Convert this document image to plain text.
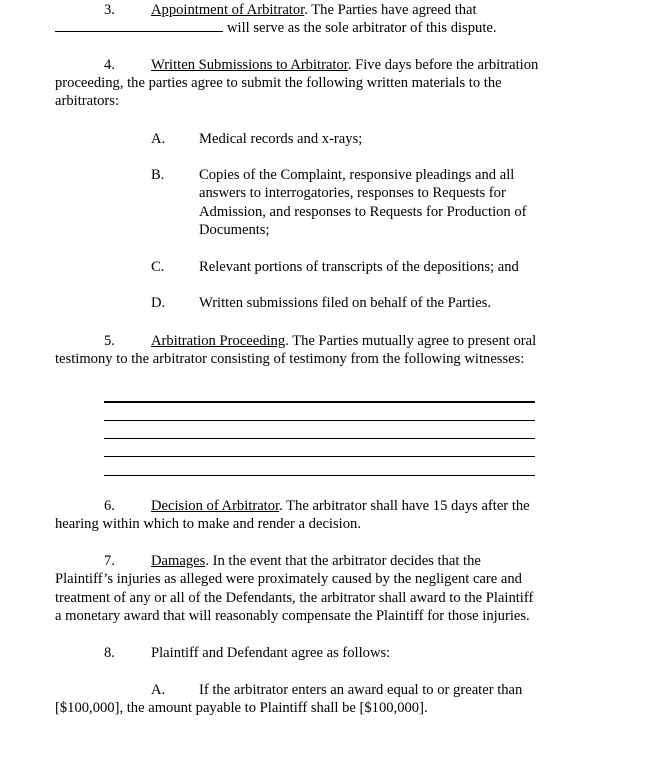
3. Appointment of Arbitrator. The Parties have agreed that
will serve as the sole arbitrator of this dispute.
4. Written Submissions to Arbitrator. Five days before the arbitration
proceeding, the parties agree to submit the following written materials to the
arbitrators:
A. Medical records and x-rays;
B. Copies of the Complaint, responsive pleadings and all
answers to interrogatories, responses to Requests for
Admission, and responses to Requests for Production of
Documents;
C. Relevant portions of transcripts of the depositions; and
D. Written submissions filed on behalf of the Parties.
5. Arbitration Proceeding. The Parties mutually agree to present oral
testimony to the arbitrator consisting of testimony from the following witnesses:
6. Decision of Arbitrator. The arbitrator shall have 15 days after the
hearing within which to make and render a decision.
7. Damages. In the event that the arbitrator decides that the
Plaintiff’s injuries as alleged were proximately caused by the negligent care and
treatment of any or all of the Defendants, the arbitrator shall award to the Plaintiff
a monetary award that will reasonably compensate the Plaintiff for those injuries.
8. Plaintiff and Defendant agree as follows:
A. If the arbitrator enters an award equal to or greater than
[$100,000], the amount payable to Plaintiff shall be [$100,000].
